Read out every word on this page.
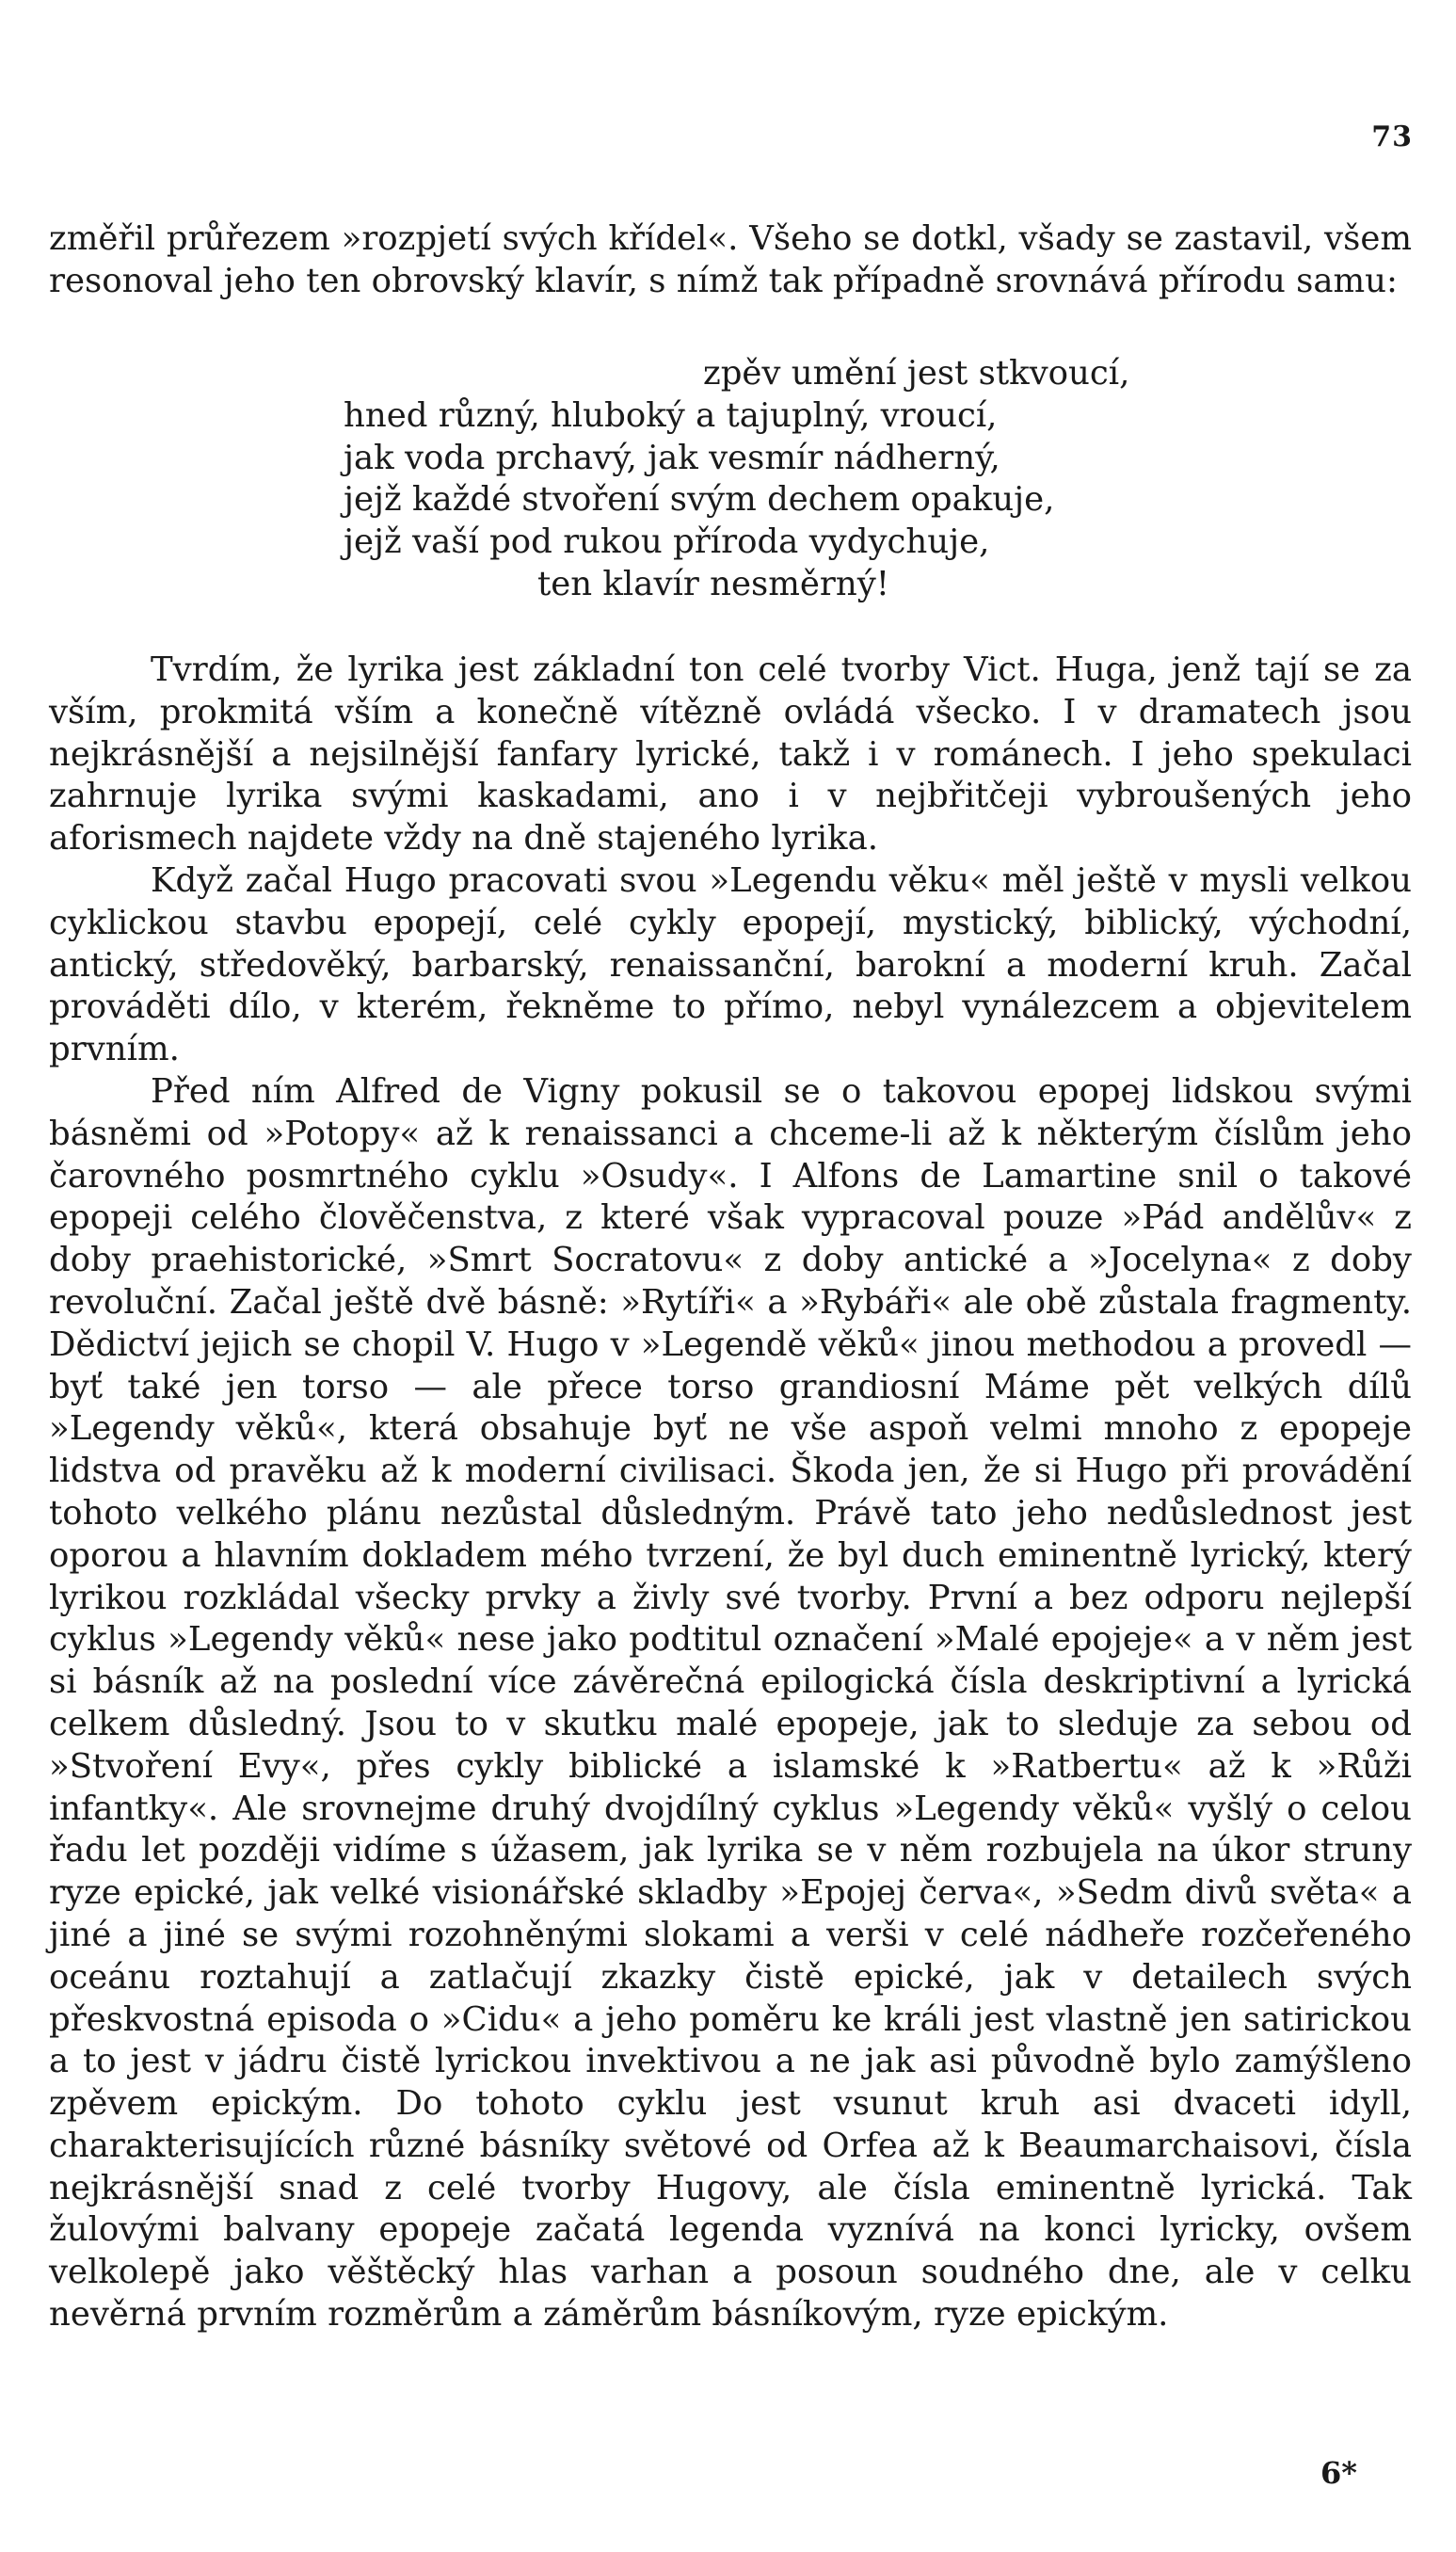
73

změřil průřezem »rozpjetí svých křídel«. Všeho se dotkl, všady se zastavil, všem resonoval jeho ten obrovský klavír, s nímž tak případně srovnává přírodu samu:

zpěv umění jest stkvoucí,

hned různý, hluboký a tajuplný, vroucí,

jak voda prchavý, jak vesmír nádherný,

jejž každé stvoření svým dechem opakuje,

jejž vaší pod rukou příroda vydychuje,

ten klavír nesměrný!

Tvrdím, že lyrika jest základní ton celé tvorby Vict. Huga, jenž tají se za vším, prokmitá vším a konečně vítězně ovládá všecko. I v dramatech jsou nejkrásnější a nejsilnější fanfary lyrické, takž i v románech. I jeho spekulaci zahrnuje lyrika svými kaskadami, ano i v nejbřitčeji vybroušených jeho aforismech najdete vždy na dně stajeného lyrika.

Když začal Hugo pracovati svou »Legendu věku« měl ještě v mysli velkou cyklickou stavbu epopejí, celé cykly epopejí, mystický, biblický, východní, antický, středověký, barbarský, renaissanční, barokní a moderní kruh. Začal prováděti dílo, v kterém, řekněme to přímo, nebyl vynálezcem a objevitelem prvním.

Před ním Alfred de Vigny pokusil se o takovou epopej lidskou svými básněmi od »Potopy« až k renaissanci a chceme-li až k některým číslům jeho čarovného posmrtného cyklu »Osudy«. I Alfons de Lamartine snil o takové epopeji celého člověčenstva, z které však vypracoval pouze »Pád andělův« z doby praehistorické, »Smrt Socratovu« z doby antické a »Jocelyna« z doby revoluční. Začal ještě dvě básně: »Rytíři« a »Rybáři« ale obě zůstala fragmenty. Dědictví jejich se chopil V. Hugo v »Legendě věků« jinou methodou a provedl — byť také jen torso — ale přece torso grandiosní Máme pět velkých dílů »Legendy věků«, která obsahuje byť ne vše aspoň velmi mnoho z epopeje lidstva od pravěku až k moderní civilisaci. Škoda jen, že si Hugo při provádění tohoto velkého plánu nezůstal důsledným. Právě tato jeho nedůslednost jest oporou a hlavním dokladem mého tvrzení, že byl duch eminentně lyrický, který lyrikou rozkládal všecky prvky a živly své tvorby. První a bez odporu nejlepší cyklus »Legendy věků« nese jako podtitul označení »Malé epojeje« a v něm jest si básník až na poslední více závěrečná epilogická čísla deskriptivní a lyrická celkem důsledný. Jsou to v skutku malé epopeje, jak to sleduje za sebou od »Stvoření Evy«, přes cykly biblické a islamské k »Ratbertu« až k »Růži infantky«. Ale srovnejme druhý dvojdílný cyklus »Legendy věků« vyšlý o celou řadu let později vidíme s úžasem, jak lyrika se v něm rozbujela na úkor struny ryze epické, jak velké visionářské skladby »Epojej červa«, »Sedm divů světa« a jiné a jiné se svými rozohněnými slokami a verši v celé nádheře rozčeřeného oceánu roztahují a zatlačují zkazky čistě epické, jak v detailech svých přeskvostná episoda o »Cidu« a jeho poměru ke králi jest vlastně jen satirickou a to jest v jádru čistě lyrickou invektivou a ne jak asi původně bylo zamýšleno zpěvem epickým. Do tohoto cyklu jest vsunut kruh asi dvaceti idyll, charakterisujících různé básníky světové od Orfea až k Beaumarchaisovi, čísla nejkrásnější snad z celé tvorby Hugovy, ale čísla eminentně lyrická. Tak žulovými balvany epopeje začatá legenda vyznívá na konci lyricky, ovšem velkolepě jako věštěcký hlas varhan a posoun soudného dne, ale v celku nevěrná prvním rozměrům a záměrům básníkovým, ryze epickým.

6*
